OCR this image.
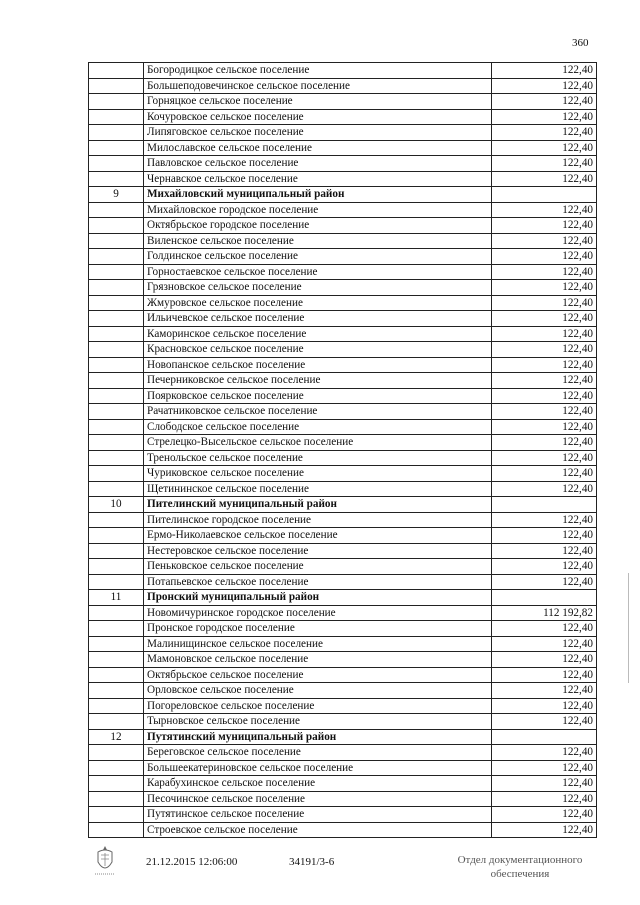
360
	Богородицкое сельское поселение	122,40
	Большеподовечинское сельское поселение	122,40
	Горняцкое сельское поселение	122,40
	Кочуровское сельское поселение	122,40
	Липяговское сельское поселение	122,40
	Милославское сельское поселение	122,40
	Павловское сельское поселение	122,40
	Чернавское сельское поселение	122,40
9	Михайловский муниципальный район	
	Михайловское городское поселение	122,40
	Октябрьское городское поселение	122,40
	Виленское сельское поселение	122,40
	Голдинское сельское поселение	122,40
	Горностаевское сельское поселение	122,40
	Грязновское сельское поселение	122,40
	Жмуровское сельское поселение	122,40
	Ильичевское сельское поселение	122,40
	Каморинское сельское поселение	122,40
	Красновское сельское поселение	122,40
	Новопанское сельское поселение	122,40
	Печерниковское сельское поселение	122,40
	Поярковское сельское поселение	122,40
	Рачатниковское сельское поселение	122,40
	Слободское сельское поселение	122,40
	Стрелецко-Высельское сельское поселение	122,40
	Тренольское сельское поселение	122,40
	Чуриковское сельское поселение	122,40
	Щетининское сельское поселение	122,40
10	Пителинский муниципальный район	
	Пителинское городское поселение	122,40
	Ермо-Николаевское сельское поселение	122,40
	Нестеровское сельское поселение	122,40
	Пеньковское сельское поселение	122,40
	Потапьевское сельское поселение	122,40
11	Пронский муниципальный район	
	Новомичуринское городское поселение	112 192,82
	Пронское городское поселение	122,40
	Малинищинское сельское поселение	122,40
	Мамоновское сельское поселение	122,40
	Октябрьское сельское поселение	122,40
	Орловское сельское поселение	122,40
	Погореловское сельское поселение	122,40
	Тырновское сельское поселение	122,40
12	Путятинский муниципальный район	
	Береговское сельское поселение	122,40
	Большеекатериновское сельское поселение	122,40
	Карабухинское сельское поселение	122,40
	Песочинское сельское поселение	122,40
	Путятинское сельское поселение	122,40
	Строевское сельское поселение	122,40
21.12.2015 12:06:00	34191/3-6	Отдел документационного
обеспечения
